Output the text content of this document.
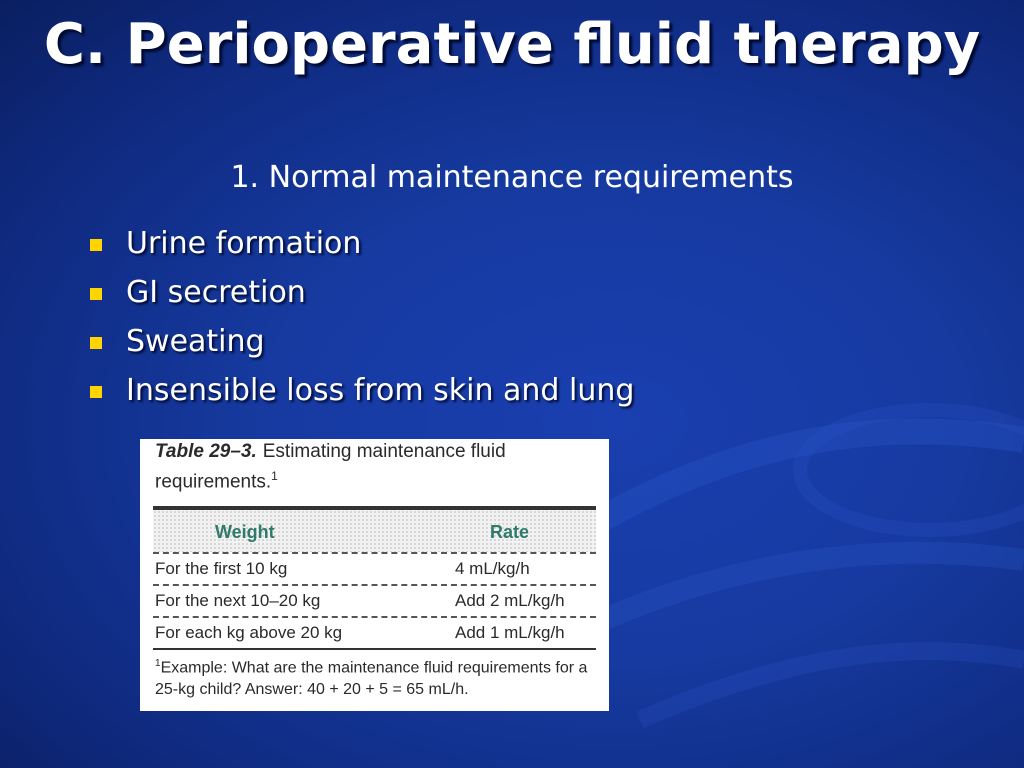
C. Perioperative fluid therapy
1. Normal maintenance requirements
Urine formation
GI secretion
Sweating
Insensible loss from skin and lung
Table 29–3. Estimating maintenance fluid requirements.$^1$
Weight	Rate
For the first 10 kg	4 mL/kg/h
For the next 10–20 kg	Add 2 mL/kg/h
For each kg above 20 kg	Add 1 mL/kg/h
$^1$Example: What are the maintenance fluid requirements for a 25-kg child? Answer: 40 + 20 + 5 = 65 mL/h.
